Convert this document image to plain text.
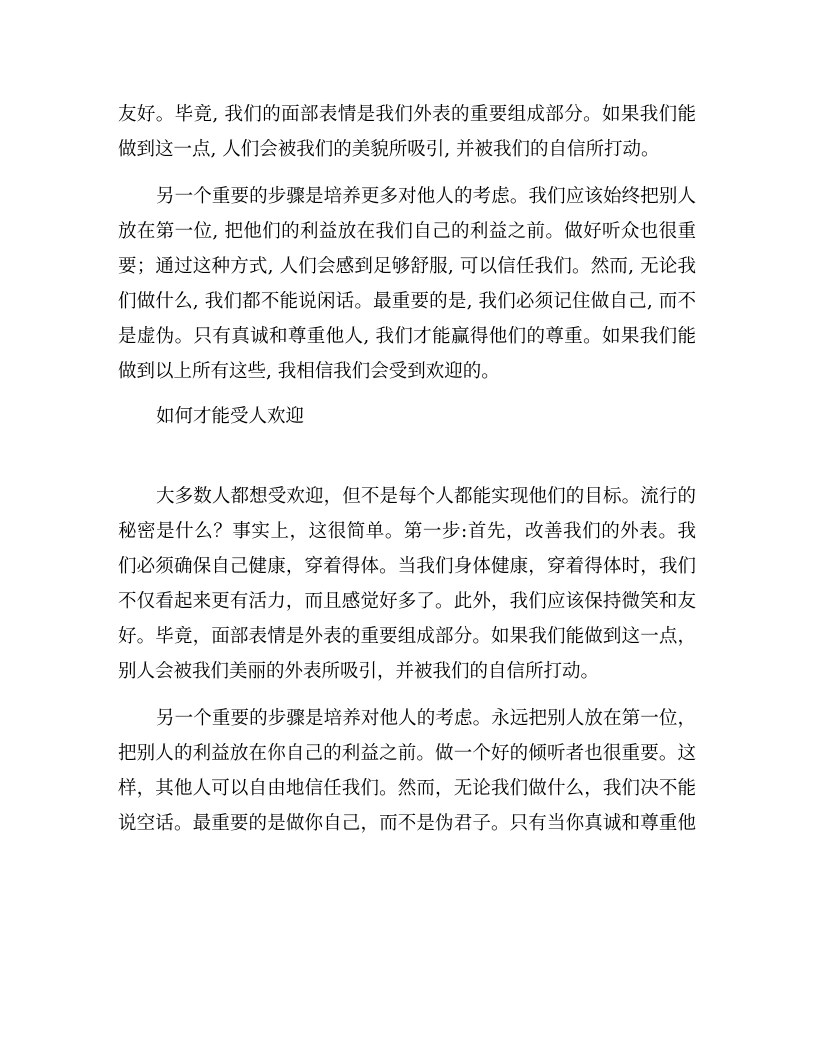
友好。毕竟, 我们的面部表情是我们外表的重要组成部分。如果我们能
做到这一点, 人们会被我们的美貌所吸引, 并被我们的自信所打动。
另一个重要的步骤是培养更多对他人的考虑。我们应该始终把别人
放在第一位, 把他们的利益放在我们自己的利益之前。做好听众也很重
要；通过这种方式, 人们会感到足够舒服, 可以信任我们。然而, 无论我
们做什么, 我们都不能说闲话。最重要的是, 我们必须记住做自己, 而不
是虚伪。只有真诚和尊重他人, 我们才能赢得他们的尊重。如果我们能
做到以上所有这些, 我相信我们会受到欢迎的。
如何才能受人欢迎
大多数人都想受欢迎，但不是每个人都能实现他们的目标。流行的
秘密是什么？事实上，这很简单。第一步:首先，改善我们的外表。我
们必须确保自己健康，穿着得体。当我们身体健康，穿着得体时，我们
不仅看起来更有活力，而且感觉好多了。此外，我们应该保持微笑和友
好。毕竟，面部表情是外表的重要组成部分。如果我们能做到这一点，
别人会被我们美丽的外表所吸引，并被我们的自信所打动。
另一个重要的步骤是培养对他人的考虑。永远把别人放在第一位，
把别人的利益放在你自己的利益之前。做一个好的倾听者也很重要。这
样，其他人可以自由地信任我们。然而，无论我们做什么，我们决不能
说空话。最重要的是做你自己，而不是伪君子。只有当你真诚和尊重他
